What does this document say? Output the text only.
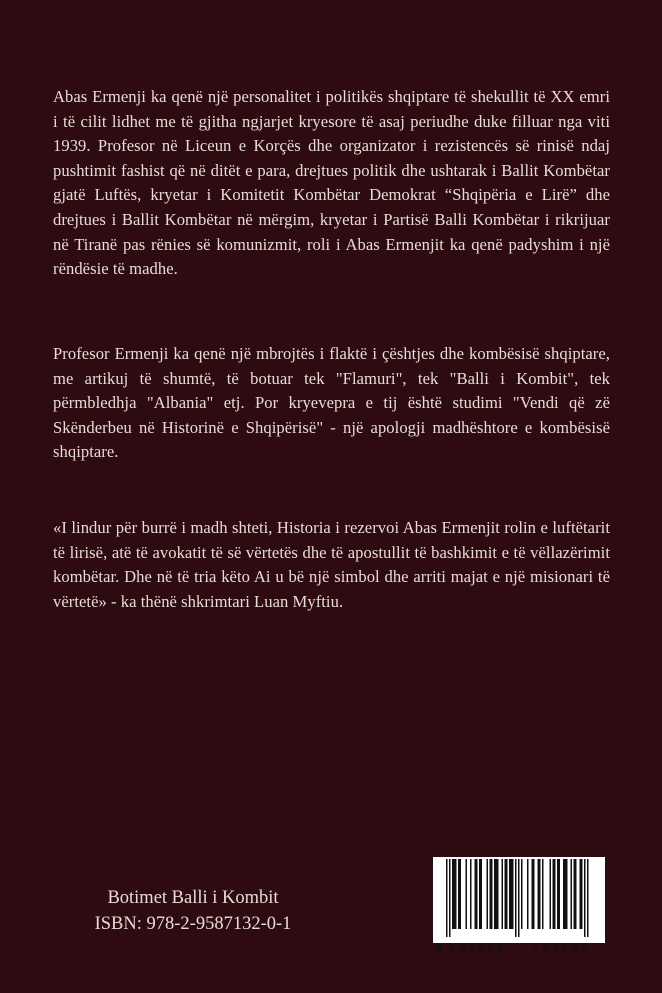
Abas Ermenji ka qenë një personalitet i politikës shqiptare të shekullit të XX emri i të cilit lidhet me të gjitha ngjarjet kryesore të asaj periudhe duke filluar nga viti 1939. Profesor në Liceun e Korçës dhe organizator i rezistencës së rinisë ndaj pushtimit fashist që në ditët e para, drejtues politik dhe ushtarak i Ballit Kombëtar gjatë Luftës, kryetar i Komitetit Kombëtar Demokrat “Shqipëria e Lirë” dhe drejtues i Ballit Kombëtar në mërgim, kryetar i Partisë Balli Kombëtar i rikrijuar në Tiranë pas rënies së komunizmit, roli i Abas Ermenjit ka qenë padyshim i një rëndësie të madhe.
Profesor Ermenji ka qenë një mbrojtës i flaktë i çështjes dhe kombësisë shqiptare, me artikuj të shumtë, të botuar tek "Flamuri", tek "Balli i Kombit", tek përmbledhja "Albania" etj. Por kryevepra e tij është studimi "Vendi që zë Skënderbeu në Historinë e Shqipërisë" - një apologji madhështore e kombësisë shqiptare.
«I lindur për burrë i madh shteti, Historia i rezervoi Abas Ermenjit rolin e luftëtarit të lirisë, atë të avokatit të së vërtetës dhe të apostullit të bashkimit e të vëllazërimit kombëtar. Dhe në të tria këto Ai u bë një simbol dhe arriti majat e një misionari të vërtetë» - ka thënë shkrimtari Luan Myftiu.
Botimet Balli i Kombit
ISBN: 978-2-9587132-0-1
9 782958 713201
